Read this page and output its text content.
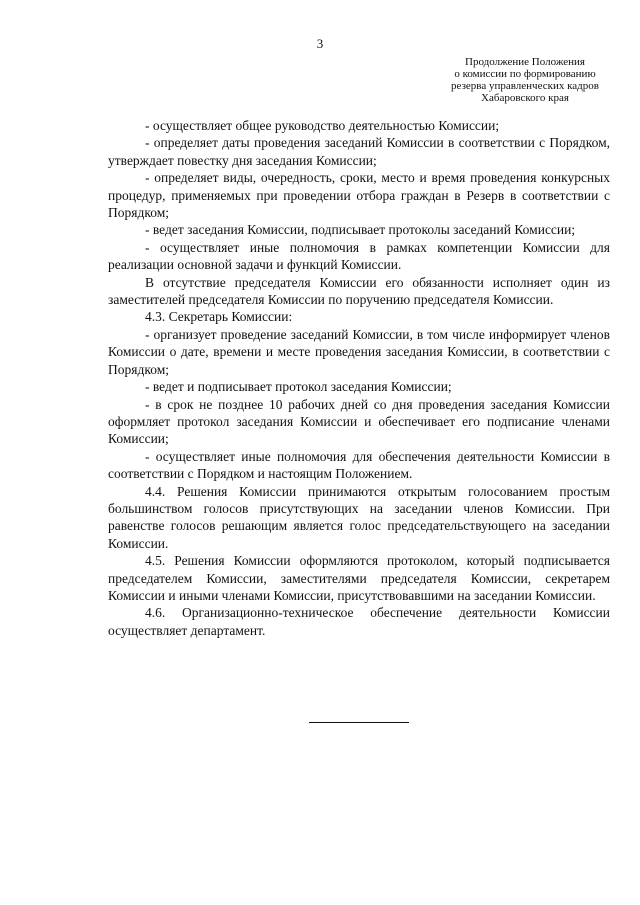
3
Продолжение Положения
о комиссии по формированию
резерва управленческих кадров
Хабаровского края

- осуществляет общее руководство деятельностью Комиссии;

- определяет даты проведения заседаний Комиссии в соответствии с Порядком, утверждает повестку дня заседания Комиссии;

- определяет виды, очередность, сроки, место и время проведения конкурсных процедур, применяемых при проведении отбора граждан в Резерв в соответствии с Порядком;

- ведет заседания Комиссии, подписывает протоколы заседаний Комиссии;

- осуществляет иные полномочия в рамках компетенции Комиссии для реализации основной задачи и функций Комиссии.

В отсутствие председателя Комиссии его обязанности исполняет один из заместителей председателя Комиссии по поручению председателя Комиссии.

4.3. Секретарь Комиссии:

- организует проведение заседаний Комиссии, в том числе информирует членов Комиссии о дате, времени и месте проведения заседания Комиссии, в соответствии с Порядком;

- ведет и подписывает протокол заседания Комиссии;

- в срок не позднее 10 рабочих дней со дня проведения заседания Комиссии оформляет протокол заседания Комиссии и обеспечивает его подписание членами Комиссии;

- осуществляет иные полномочия для обеспечения деятельности Комиссии в соответствии с Порядком и настоящим Положением.

4.4. Решения Комиссии принимаются открытым голосованием простым большинством голосов присутствующих на заседании членов Комиссии. При равенстве голосов решающим является голос председательствующего на заседании Комиссии.

4.5. Решения Комиссии оформляются протоколом, который подписывается председателем Комиссии, заместителями председателя Комиссии, секретарем Комиссии и иными членами Комиссии, присутствовавшими на заседании Комиссии.

4.6. Организационно-техническое обеспечение деятельности Комиссии осуществляет департамент.
